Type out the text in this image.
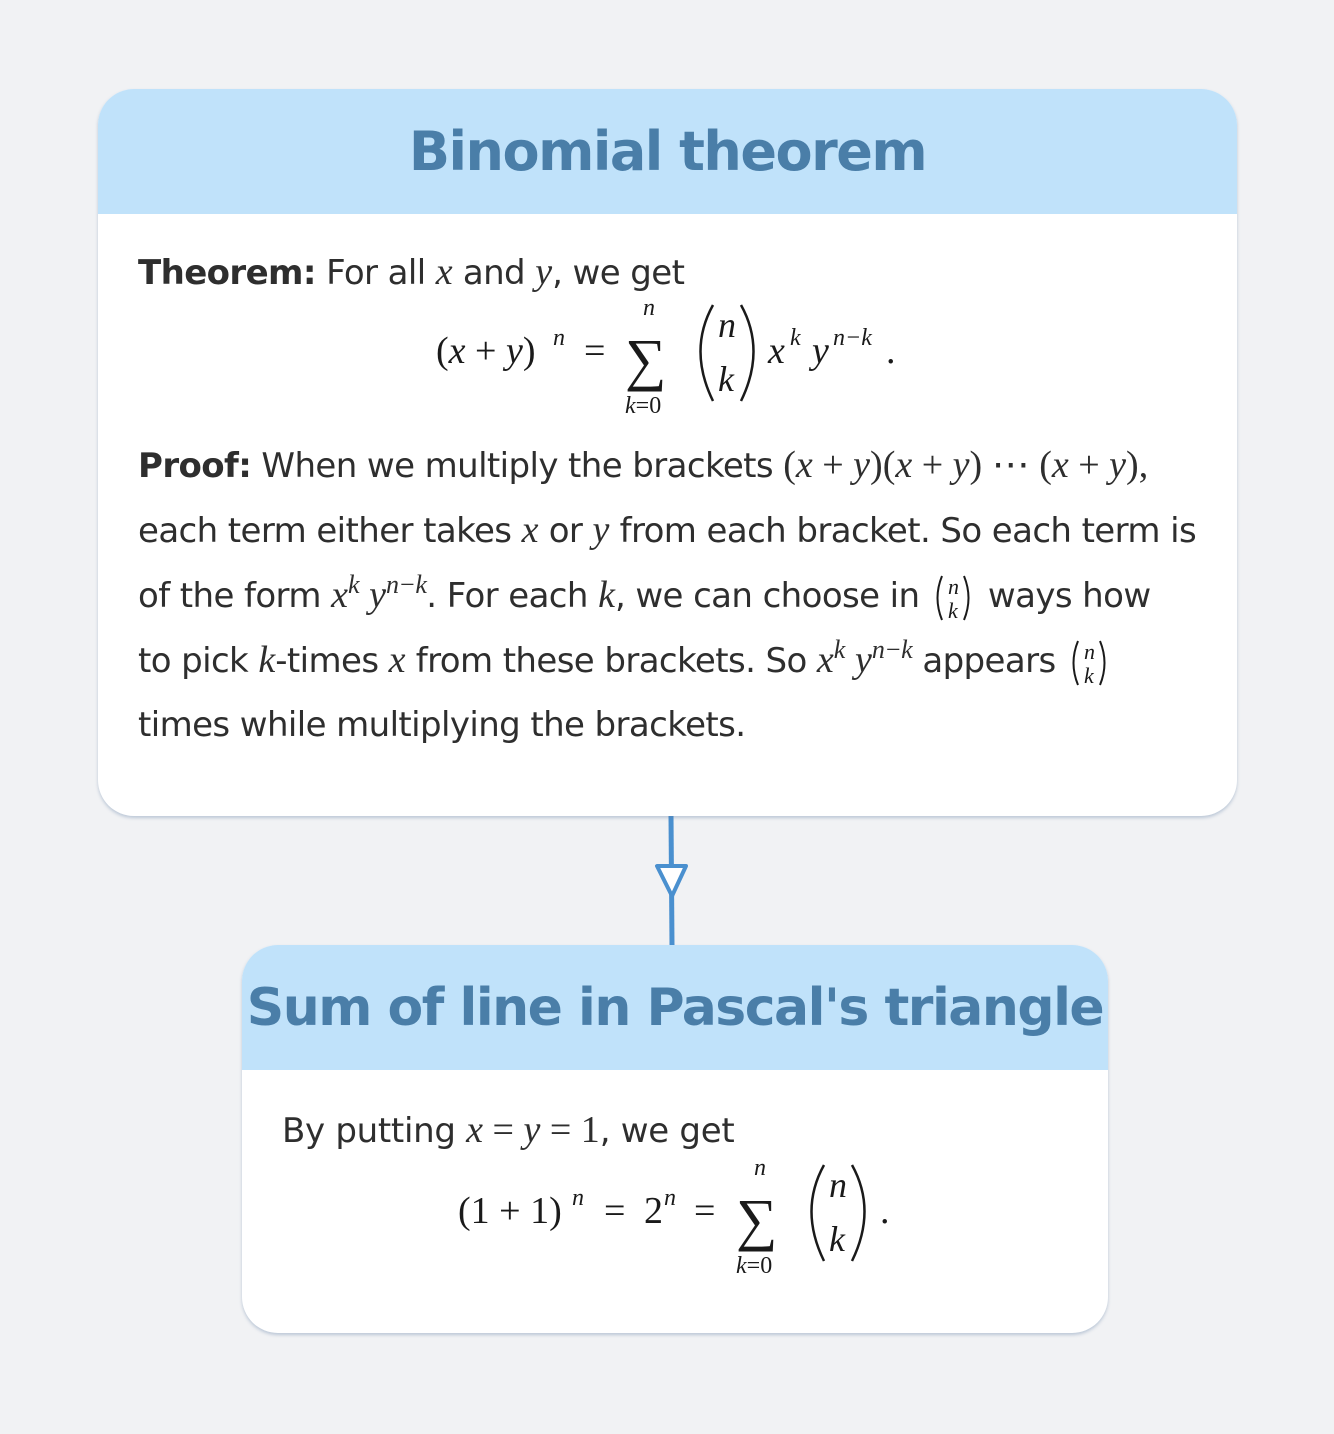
Binomial theorem
Theorem: For all x and y, we get
(x + y) n =
n
∑
k=0
n
k
x k y n−k .
Proof: When we multiply the brackets (x + y)(x + y) ⋯ (x + y),
each term either takes x or y from each bracket. So each term is
of the form $x^k$ $y^{n-k}$. For each k, we can choose in n
k ways how
to pick k-times x from these brackets. So $x^k$ $y^{n-k}$ appears n
k

times while multiplying the brackets.
Sum of line in Pascal's triangle
By putting x = y = 1, we get
(1 + 1) n = 2 n =
n
∑
k=0
n
k
.
